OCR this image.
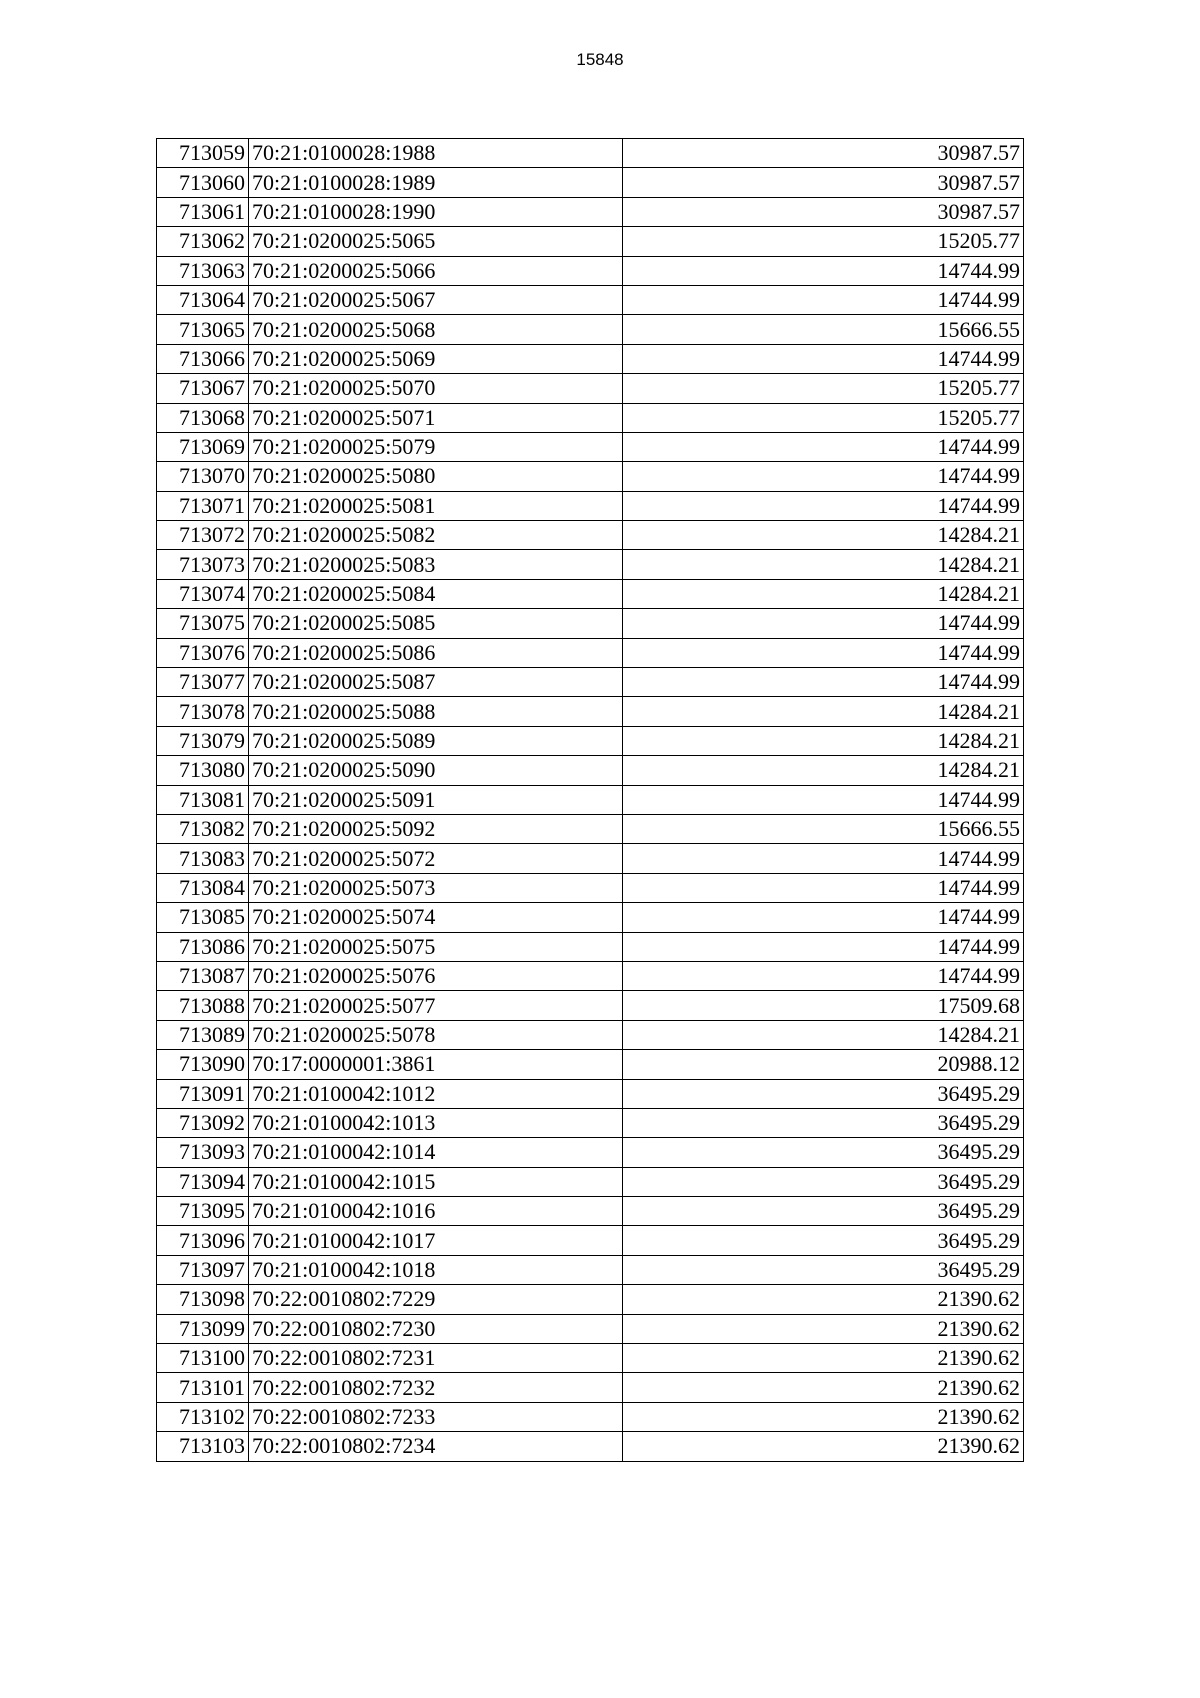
15848
713059	70:21:0100028:1988	30987.57
713060	70:21:0100028:1989	30987.57
713061	70:21:0100028:1990	30987.57
713062	70:21:0200025:5065	15205.77
713063	70:21:0200025:5066	14744.99
713064	70:21:0200025:5067	14744.99
713065	70:21:0200025:5068	15666.55
713066	70:21:0200025:5069	14744.99
713067	70:21:0200025:5070	15205.77
713068	70:21:0200025:5071	15205.77
713069	70:21:0200025:5079	14744.99
713070	70:21:0200025:5080	14744.99
713071	70:21:0200025:5081	14744.99
713072	70:21:0200025:5082	14284.21
713073	70:21:0200025:5083	14284.21
713074	70:21:0200025:5084	14284.21
713075	70:21:0200025:5085	14744.99
713076	70:21:0200025:5086	14744.99
713077	70:21:0200025:5087	14744.99
713078	70:21:0200025:5088	14284.21
713079	70:21:0200025:5089	14284.21
713080	70:21:0200025:5090	14284.21
713081	70:21:0200025:5091	14744.99
713082	70:21:0200025:5092	15666.55
713083	70:21:0200025:5072	14744.99
713084	70:21:0200025:5073	14744.99
713085	70:21:0200025:5074	14744.99
713086	70:21:0200025:5075	14744.99
713087	70:21:0200025:5076	14744.99
713088	70:21:0200025:5077	17509.68
713089	70:21:0200025:5078	14284.21
713090	70:17:0000001:3861	20988.12
713091	70:21:0100042:1012	36495.29
713092	70:21:0100042:1013	36495.29
713093	70:21:0100042:1014	36495.29
713094	70:21:0100042:1015	36495.29
713095	70:21:0100042:1016	36495.29
713096	70:21:0100042:1017	36495.29
713097	70:21:0100042:1018	36495.29
713098	70:22:0010802:7229	21390.62
713099	70:22:0010802:7230	21390.62
713100	70:22:0010802:7231	21390.62
713101	70:22:0010802:7232	21390.62
713102	70:22:0010802:7233	21390.62
713103	70:22:0010802:7234	21390.62
